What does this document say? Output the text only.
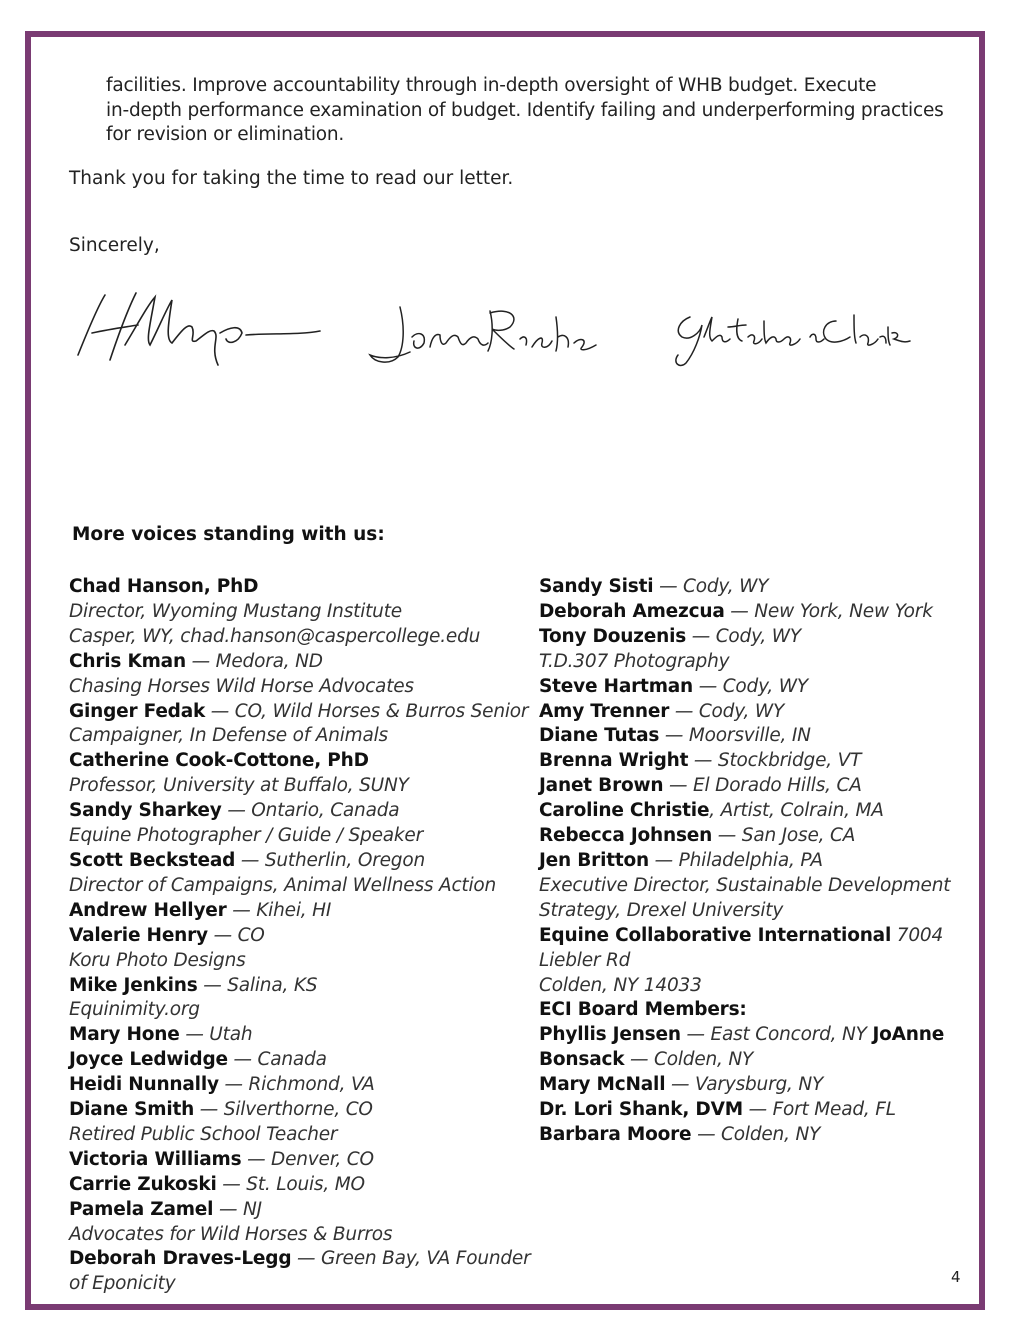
facilities. Improve accountability through in-depth oversight of WHB budget. Execute
in-depth performance examination of budget. Identify failing and underperforming practices
for revision or elimination.
Thank you for taking the time to read our letter.
Sincerely,
More voices standing with us:
Chad Hanson, PhD
Director, Wyoming Mustang Institute
Casper, WY, chad.hanson@caspercollege.edu
Chris Kman — Medora, ND
Chasing Horses Wild Horse Advocates
Ginger Fedak — CO, Wild Horses & Burros Senior
Campaigner, In Defense of Animals
Catherine Cook-Cottone, PhD
Professor, University at Buffalo, SUNY
Sandy Sharkey — Ontario, Canada
Equine Photographer / Guide / Speaker
Scott Beckstead — Sutherlin, Oregon
Director of Campaigns, Animal Wellness Action
Andrew Hellyer — Kihei, HI
Valerie Henry — CO
Koru Photo Designs
Mike Jenkins — Salina, KS
Equinimity.org
Mary Hone — Utah
Joyce Ledwidge — Canada
Heidi Nunnally — Richmond, VA
Diane Smith — Silverthorne, CO
Retired Public School Teacher
Victoria Williams — Denver, CO
Carrie Zukoski — St. Louis, MO
Pamela Zamel — NJ
Advocates for Wild Horses & Burros
Deborah Draves-Legg — Green Bay, VA Founder
of Eponicity
Sandy Sisti — Cody, WY
Deborah Amezcua — New York, New York
Tony Douzenis — Cody, WY
T.D.307 Photography
Steve Hartman — Cody, WY
Amy Trenner — Cody, WY
Diane Tutas — Moorsville, IN
Brenna Wright — Stockbridge, VT
Janet Brown — El Dorado Hills, CA
Caroline Christie, Artist, Colrain, MA
Rebecca Johnsen — San Jose, CA
Jen Britton — Philadelphia, PA
Executive Director, Sustainable Development
Strategy, Drexel University
Equine Collaborative International 7004
Liebler Rd
Colden, NY 14033
ECI Board Members:
Phyllis Jensen — East Concord, NY JoAnne
Bonsack — Colden, NY
Mary McNall — Varysburg, NY
Dr. Lori Shank, DVM — Fort Mead, FL
Barbara Moore — Colden, NY
4
